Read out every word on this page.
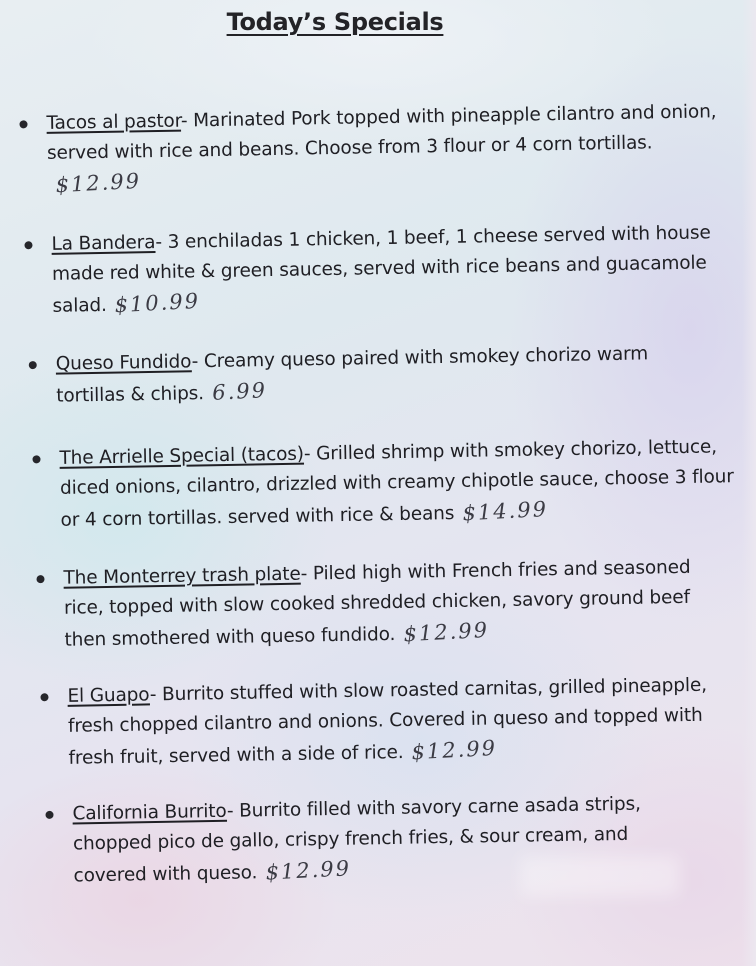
Today’s Specials
Tacos al pastor- Marinated Pork topped with pineapple cilantro and onion, served with rice and beans. Choose from 3 flour or 4 corn tortillas.$12.99
La Bandera- 3 enchiladas 1 chicken, 1 beef, 1 cheese served with house made red white & green sauces, served with rice beans and guacamole salad. $10.99
Queso Fundido- Creamy queso paired with smokey chorizo warm tortillas & chips. 6.99
The Arrielle Special (tacos)- Grilled shrimp with smokey chorizo, lettuce, diced onions, cilantro, drizzled with creamy chipotle sauce, choose 3 flour or 4 corn tortillas. served with rice & beans $14.99
The Monterrey trash plate- Piled high with French fries and seasoned rice, topped with slow cooked shredded chicken, savory ground beef then smothered with queso fundido. $12.99
El Guapo- Burrito stuffed with slow roasted carnitas, grilled pineapple, fresh chopped cilantro and onions. Covered in queso and topped with fresh fruit, served with a side of rice. $12.99
California Burrito- Burrito filled with savory carne asada strips, chopped pico de gallo, crispy french fries, & sour cream, and covered with queso. $12.99
